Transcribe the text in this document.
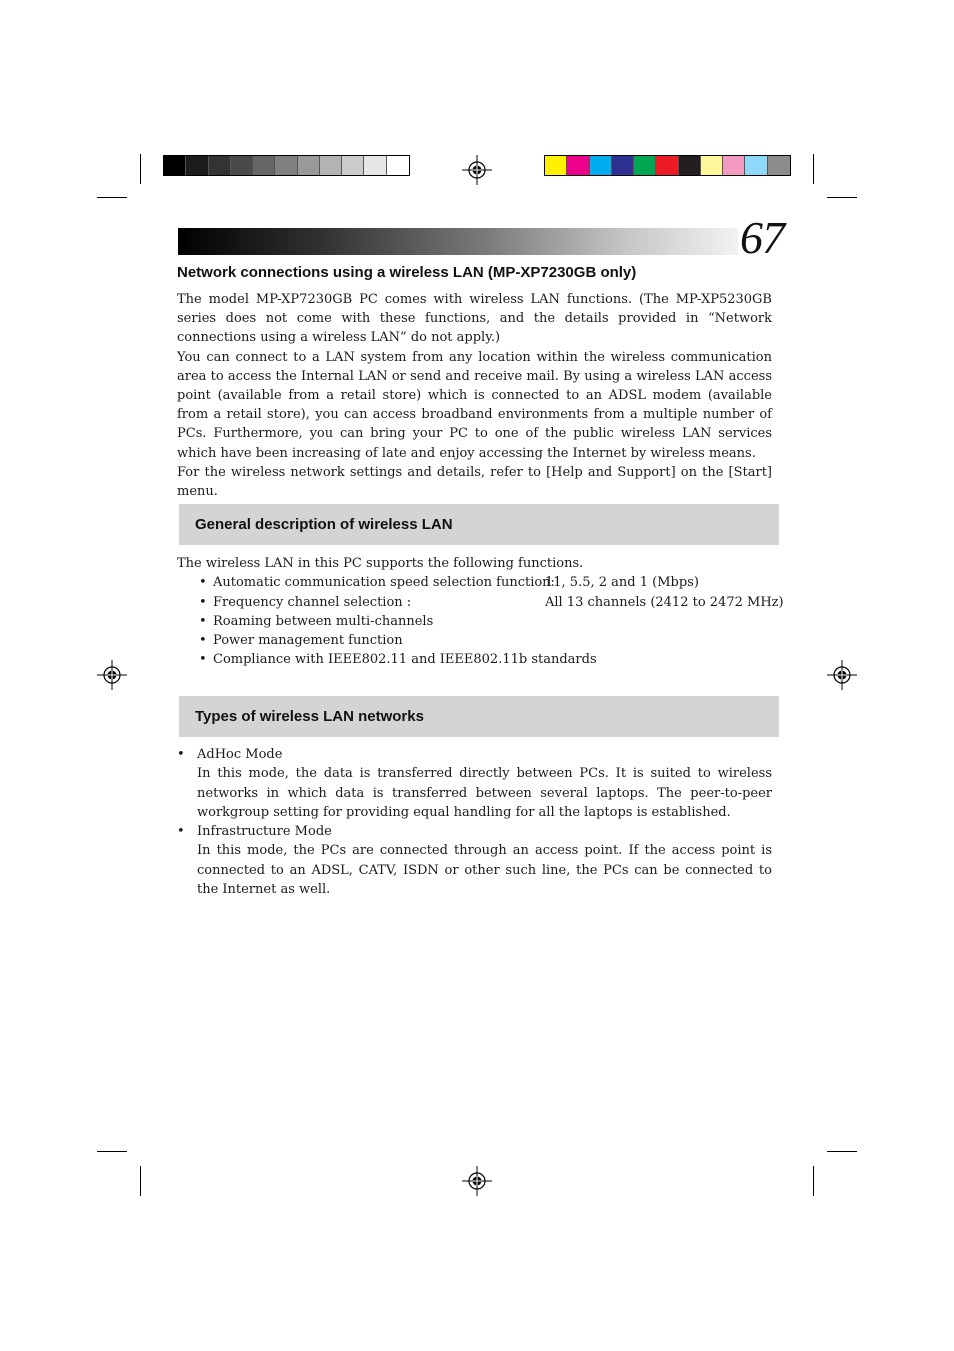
67
Network connections using a wireless LAN (MP-XP7230GB only)

The model MP-XP7230GB PC comes with wireless LAN functions. (The MP-XP5230GB series does not come with these functions, and the details provided in “Network connections using a wireless LAN” do not apply.)

You can connect to a LAN system from any location within the wireless communication area to access the Internal LAN or send and receive mail. By using a wireless LAN access point (available from a retail store) which is connected to an ADSL modem (available from a retail store), you can access broadband environments from a multiple number of PCs. Furthermore, you can bring your PC to one of the public wireless LAN services which have been increasing of late and enjoy accessing the Internet by wireless means.

For the wireless network settings and details, refer to [Help and Support] on the [Start] menu.

General description of wireless LAN

The wireless LAN in this PC supports the following functions.

• Automatic communication speed selection function:11, 5.5, 2 and 1 (Mbps)
• Frequency channel selection :	All 13 channels (2412 to 2472 MHz)
• Roaming between multi-channels
• Power management function
• Compliance with IEEE802.11 and IEEE802.11b standards
Types of wireless LAN networks
• AdHoc Mode

In this mode, the data is transferred directly between PCs. It is suited to wireless networks in which data is transferred between several laptops. The peer-to-peer workgroup setting for providing equal handling for all the laptops is established.

• Infrastructure Mode

In this mode, the PCs are connected through an access point. If the access point is connected to an ADSL, CATV, ISDN or other such line, the PCs can be connected to the Internet as well.
